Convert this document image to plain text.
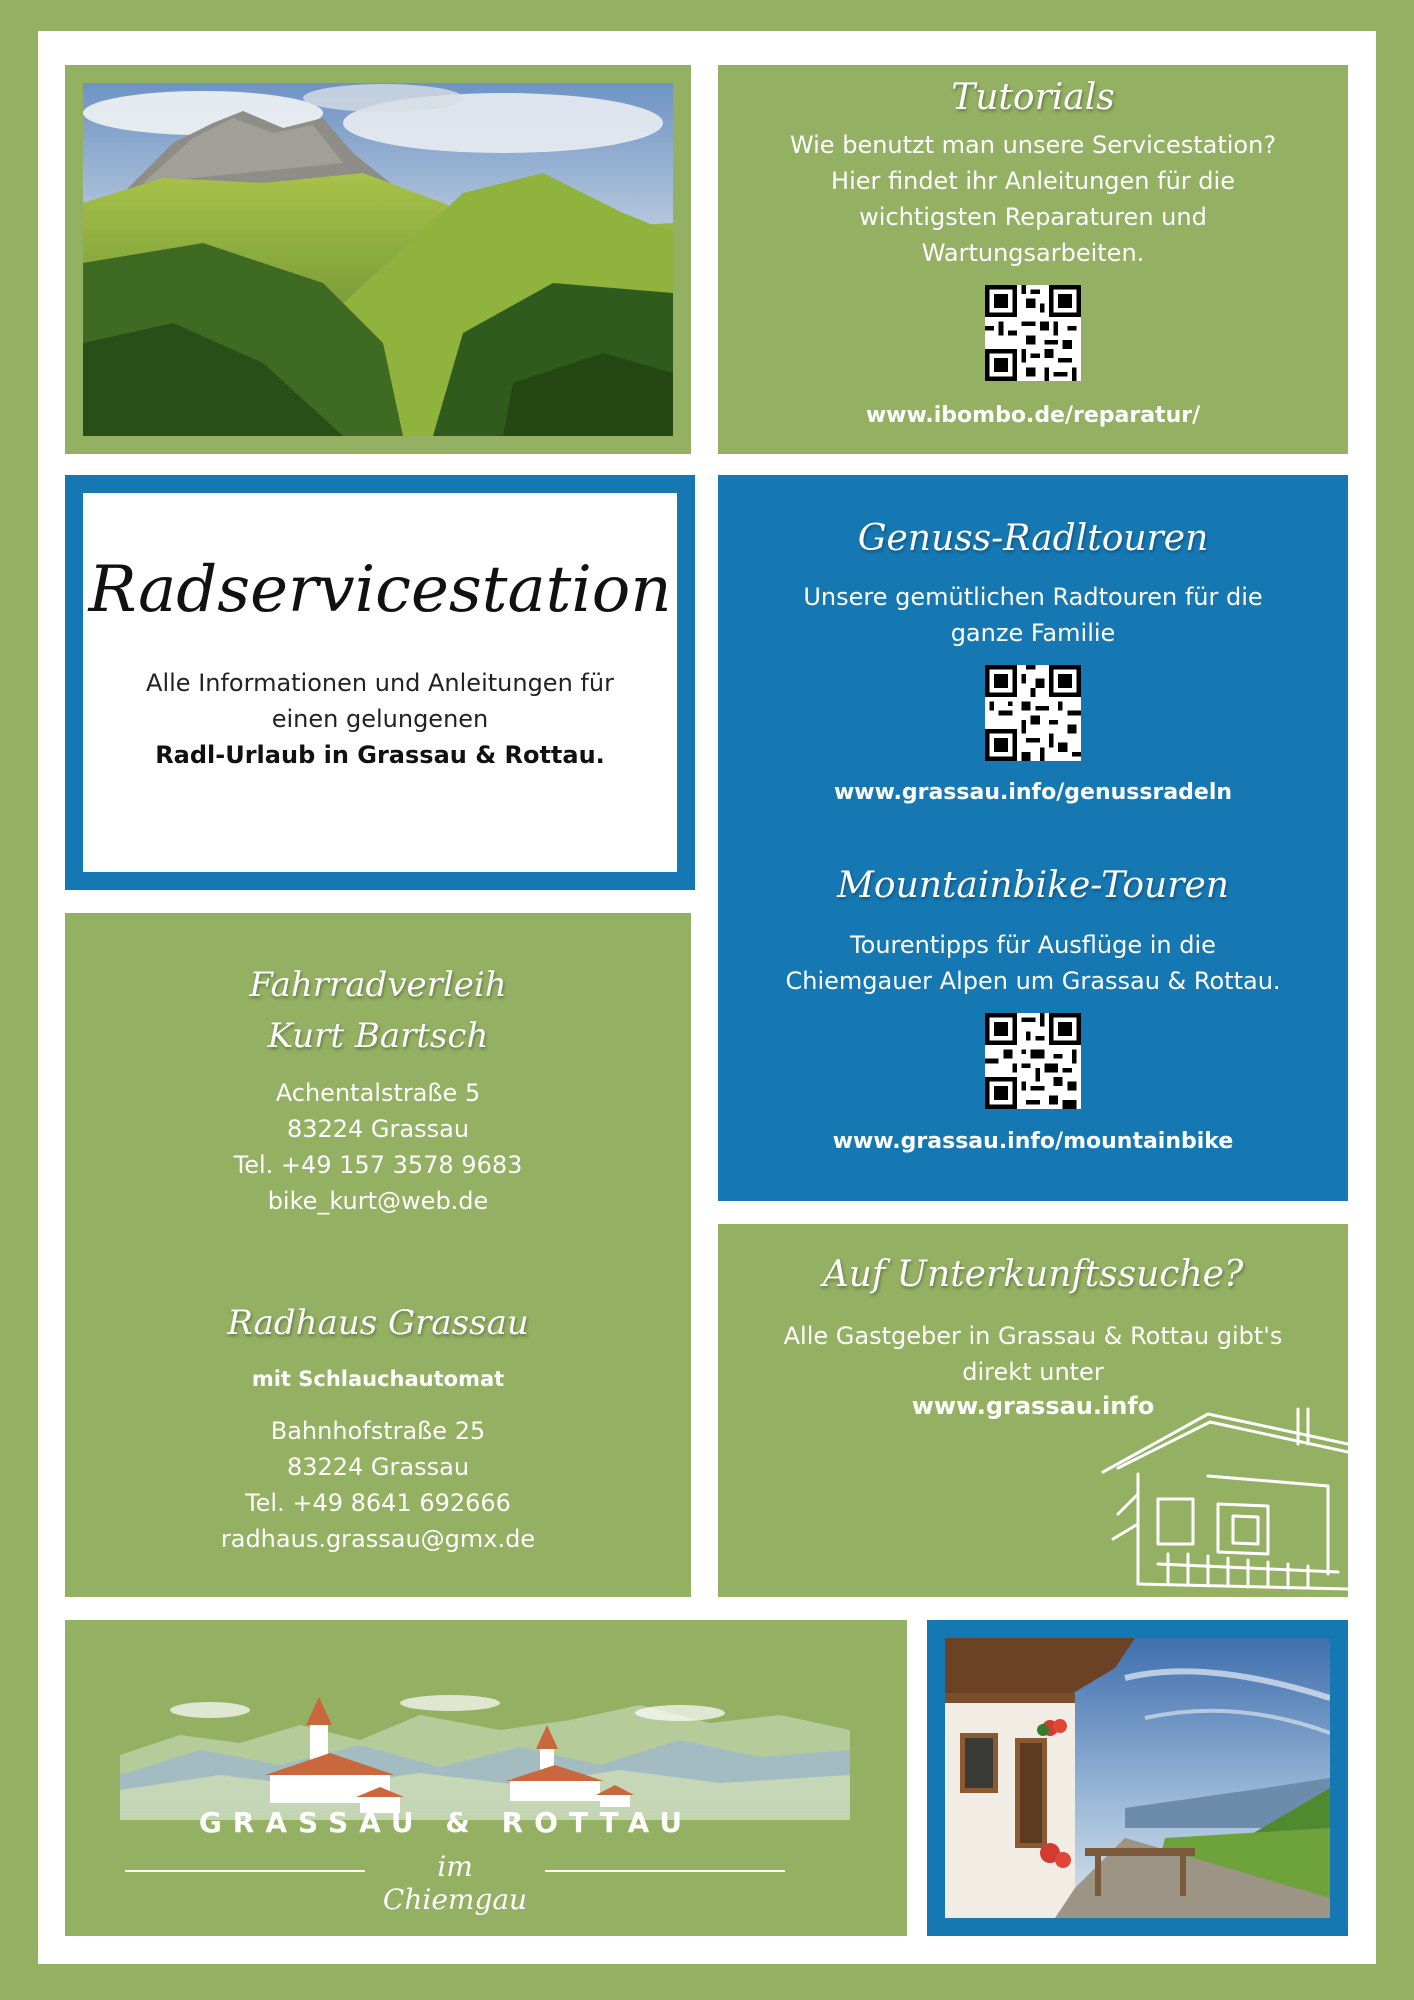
Tutorials
Wie benutzt man unsere Servicestation? Hier findet ihr Anleitungen für die wichtigsten Reparaturen und Wartungsarbeiten.
www.ibombo.de/reparatur/
Radservicestation
Alle Informationen und Anleitungen für
einen gelungenen
Radl-Urlaub in Grassau & Rottau.
Genuss-Radltouren
Unsere gemütlichen Radtouren für die ganze Familie
www.grassau.info/genussradeln
Mountainbike-Touren
Tourentipps für Ausflüge in die Chiemgauer Alpen um Grassau & Rottau.
www.grassau.info/mountainbike
Fahrradverleih
Kurt Bartsch
Achentalstraße 5
83224 Grassau
Tel. +49 157 3578 9683
bike_kurt@web.de
Radhaus Grassau
mit Schlauchautomat
Bahnhofstraße 25
83224 Grassau
Tel. +49 8641 692666
radhaus.grassau@gmx.de
Auf Unterkunftssuche?
Alle Gastgeber in Grassau & Rottau gibt's direkt unter
www.grassau.info
GRASSAU & ROTTAU
im Chiemgau
